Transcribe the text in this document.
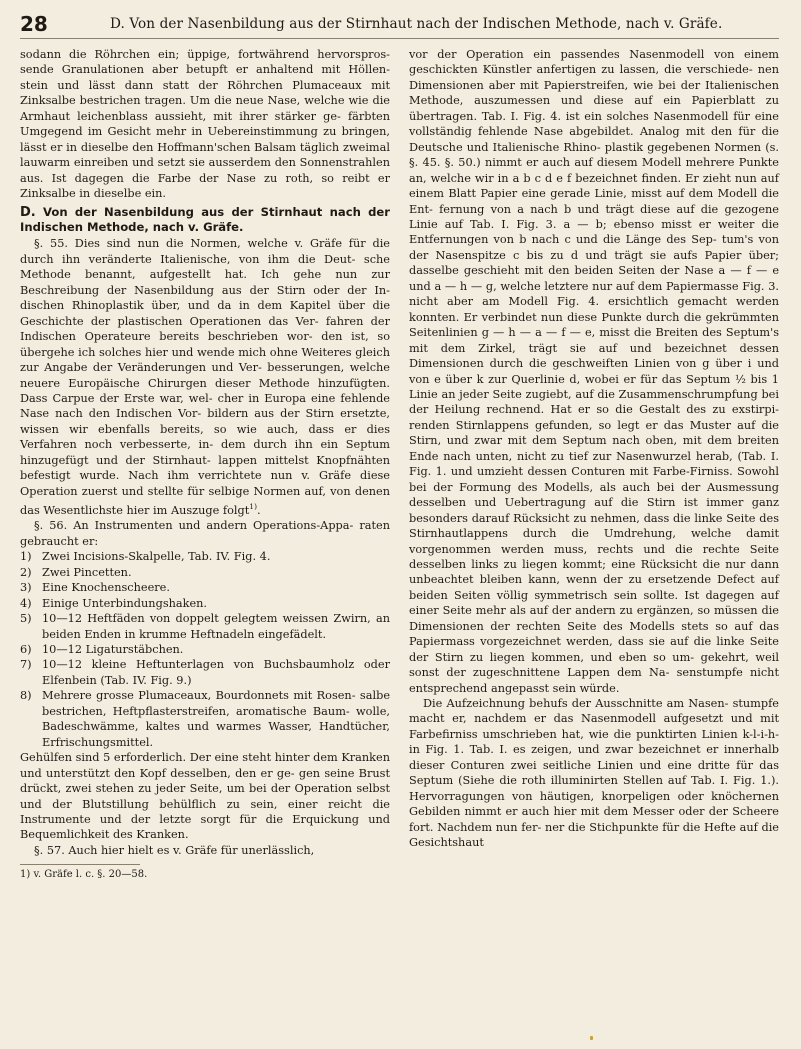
28	D. Von der Nasenbildung aus der Stirnhaut nach der Indischen Methode, nach v. Gräfe.

sodann die Röhrchen ein; üppige, fortwährend hervorspros- sende Granulationen aber betupft er anhaltend mit Höllen- stein und lässt dann statt der Röhrchen Plumaceaux mit Zinksalbe bestrichen tragen. Um die neue Nase, welche wie die Armhaut leichenblass aussieht, mit ihrer stärker ge- färbten Umgegend im Gesicht mehr in Uebereinstimmung zu bringen, lässt er in dieselbe den Hoffmann'schen Balsam täglich zweimal lauwarm einreiben und setzt sie ausserdem den Sonnenstrahlen aus. Ist dagegen die Farbe der Nase zu roth, so reibt er Zinksalbe in dieselbe ein.

D. Von der Nasenbildung aus der Stirnhaut nach der Indischen Methode, nach v. Gräfe.

§. 55. Dies sind nun die Normen, welche v. Gräfe für die durch ihn veränderte Italienische, von ihm die Deut- sche Methode benannt, aufgestellt hat. Ich gehe nun zur Beschreibung der Nasenbildung aus der Stirn oder der In- dischen Rhinoplastik über, und da in dem Kapitel über die Geschichte der plastischen Operationen das Ver- fahren der Indischen Operateure bereits beschrieben wor- den ist, so übergehe ich solches hier und wende mich ohne Weiteres gleich zur Angabe der Veränderungen und Ver- besserungen, welche neuere Europäische Chirurgen dieser Methode hinzufügten. Dass Carpue der Erste war, wel- cher in Europa eine fehlende Nase nach den Indischen Vor- bildern aus der Stirn ersetzte, wissen wir ebenfalls bereits, so wie auch, dass er dies Verfahren noch verbesserte, in- dem durch ihn ein Septum hinzugefügt und der Stirnhaut- lappen mittelst Knopfnähten befestigt wurde. Nach ihm verrichtete nun v. Gräfe diese Operation zuerst und stellte für selbige Normen auf, von denen das Wesentlichste hier im Auszuge folgt$^{1)}$.

§. 56. An Instrumenten und andern Operations-Appa- raten gebraucht er:

1) Zwei Incisions-Skalpelle, Tab. IV. Fig. 4.
2) Zwei Pincetten.
3) Eine Knochenscheere.
4) Einige Unterbindungshaken.
5) 10—12 Heftfäden von doppelt gelegtem weissen Zwirn, an beiden Enden in krumme Heftnadeln eingefädelt.
6) 10—12 Ligaturstäbchen.
7) 10—12 kleine Heftunterlagen von Buchsbaumholz oder Elfenbein (Tab. IV. Fig. 9.)
8) Mehrere grosse Plumaceaux, Bourdonnets mit Rosen- salbe bestrichen, Heftpflasterstreifen, aromatische Baum- wolle, Badeschwämme, kaltes und warmes Wasser, Handtücher, Erfrischungsmittel.

Gehülfen sind 5 erforderlich. Der eine steht hinter dem Kranken und unterstützt den Kopf desselben, den er ge- gen seine Brust drückt, zwei stehen zu jeder Seite, um bei der Operation selbst und der Blutstillung behülflich zu sein, einer reicht die Instrumente und der letzte sorgt für die Erquickung und Bequemlichkeit des Kranken.

§. 57. Auch hier hielt es v. Gräfe für unerlässlich,

1) v. Gräfe l. c. §. 20—58.

vor der Operation ein passendes Nasenmodell von einem geschickten Künstler anfertigen zu lassen, die verschiede- nen Dimensionen aber mit Papierstreifen, wie bei der Italienischen Methode, auszumessen und diese auf ein Papierblatt zu übertragen. Tab. I. Fig. 4. ist ein solches Nasenmodell für eine vollständig fehlende Nase abgebildet. Analog mit den für die Deutsche und Italienische Rhino- plastik gegebenen Normen (s. §. 45. §. 50.) nimmt er auch auf diesem Modell mehrere Punkte an, welche wir in a b c d e f bezeichnet finden. Er zieht nun auf einem Blatt Papier eine gerade Linie, misst auf dem Modell die Ent- fernung von a nach b und trägt diese auf die gezogene Linie auf Tab. I. Fig. 3. a — b; ebenso misst er weiter die Entfernungen von b nach c und die Länge des Sep- tum's von der Nasenspitze c bis zu d und trägt sie aufs Papier über; dasselbe geschieht mit den beiden Seiten der Nase a — f — e und a — h — g, welche letztere nur auf dem Papiermasse Fig. 3. nicht aber am Modell Fig. 4. ersichtlich gemacht werden konnten. Er verbindet nun diese Punkte durch die gekrümmten Seitenlinien g — h — a — f — e, misst die Breiten des Septum's mit dem Zirkel, trägt sie auf und bezeichnet dessen Dimensionen durch die geschweiften Linien von g über i und von e über k zur Querlinie d, wobei er für das Septum ½ bis 1 Linie an jeder Seite zugiebt, auf die Zusammenschrumpfung bei der Heilung rechnend. Hat er so die Gestalt des zu exstirpi- renden Stirnlappens gefunden, so legt er das Muster auf die Stirn, und zwar mit dem Septum nach oben, mit dem breiten Ende nach unten, nicht zu tief zur Nasenwurzel herab, (Tab. I. Fig. 1. und umzieht dessen Conturen mit Farbe-Firniss. Sowohl bei der Formung des Modells, als auch bei der Ausmessung desselben und Uebertragung auf die Stirn ist immer ganz besonders darauf Rücksicht zu nehmen, dass die linke Seite des Stirnhautlappens durch die Umdrehung, welche damit vorgenommen werden muss, rechts und die rechte Seite desselben links zu liegen kommt; eine Rücksicht die nur dann unbeachtet bleiben kann, wenn der zu ersetzende Defect auf beiden Seiten völlig symmetrisch sein sollte. Ist dagegen auf einer Seite mehr als auf der andern zu ergänzen, so müssen die Dimensionen der rechten Seite des Modells stets so auf das Papiermass vorgezeichnet werden, dass sie auf die linke Seite der Stirn zu liegen kommen, und eben so um- gekehrt, weil sonst der zugeschnittene Lappen dem Na- senstumpfe nicht entsprechend angepasst sein würde.

Die Aufzeichnung behufs der Ausschnitte am Nasen- stumpfe macht er, nachdem er das Nasenmodell aufgesetzt und mit Farbefirniss umschrieben hat, wie die punktirten Linien k-l-i-h- in Fig. 1. Tab. I. es zeigen, und zwar bezeichnet er innerhalb dieser Conturen zwei seitliche Linien und eine dritte für das Septum (Siehe die roth illuminirten Stellen auf Tab. I. Fig. 1.). Hervorragungen von häutigen, knorpeligen oder knöchernen Gebilden nimmt er auch hier mit dem Messer oder der Scheere fort. Nachdem nun fer- ner die Stichpunkte für die Hefte auf die Gesichtshaut
